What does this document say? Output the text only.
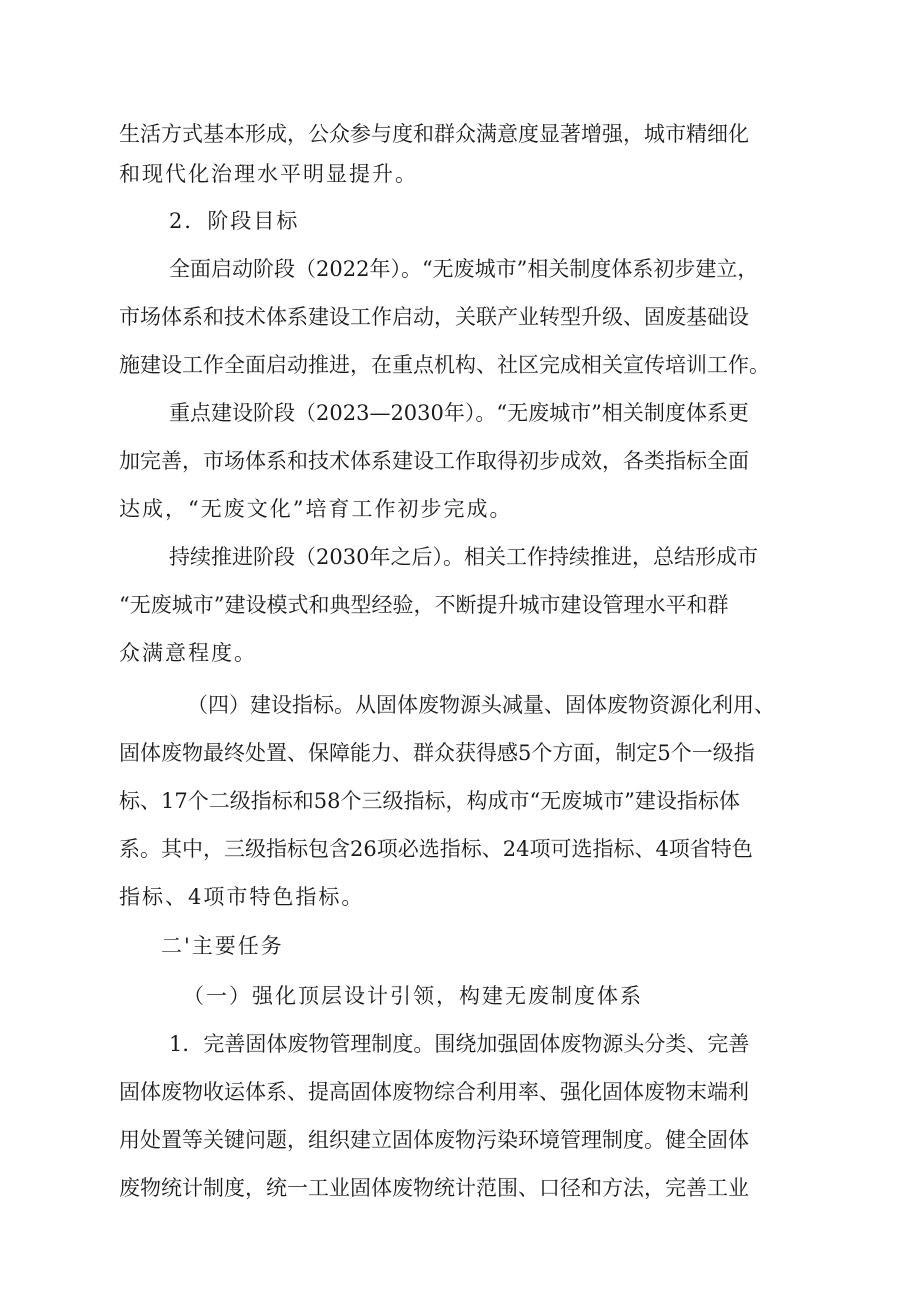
生活方式基本形成，公众参与度和群众满意度显著增强，城市精细化
和现代化治理水平明显提升。
2．阶段目标
全面启动阶段（2022年）。“无废城市”相关制度体系初步建立，
市场体系和技术体系建设工作启动，关联产业转型升级、固废基础设
施建设工作全面启动推进，在重点机构、社区完成相关宣传培训工作。
重点建设阶段（2023—2030年）。“无废城市”相关制度体系更
加完善，市场体系和技术体系建设工作取得初步成效，各类指标全面
达成，“无废文化”培育工作初步完成。
持续推进阶段（2030年之后）。相关工作持续推进，总结形成市
“无废城市”建设模式和典型经验，不断提升城市建设管理水平和群
众满意程度。
（四）建设指标。从固体废物源头减量、固体废物资源化利用、
固体废物最终处置、保障能力、群众获得感5个方面，制定5个一级指
标、17个二级指标和58个三级指标，构成市“无废城市”建设指标体
系。其中，三级指标包含26项必选指标、24项可选指标、4项省特色
指标、4项市特色指标。
二'主要任务
（一）强化顶层设计引领，构建无废制度体系
1．完善固体废物管理制度。围绕加强固体废物源头分类、完善
固体废物收运体系、提高固体废物综合利用率、强化固体废物末端利
用处置等关键问题，组织建立固体废物污染环境管理制度。健全固体
废物统计制度，统一工业固体废物统计范围、口径和方法，完善工业
